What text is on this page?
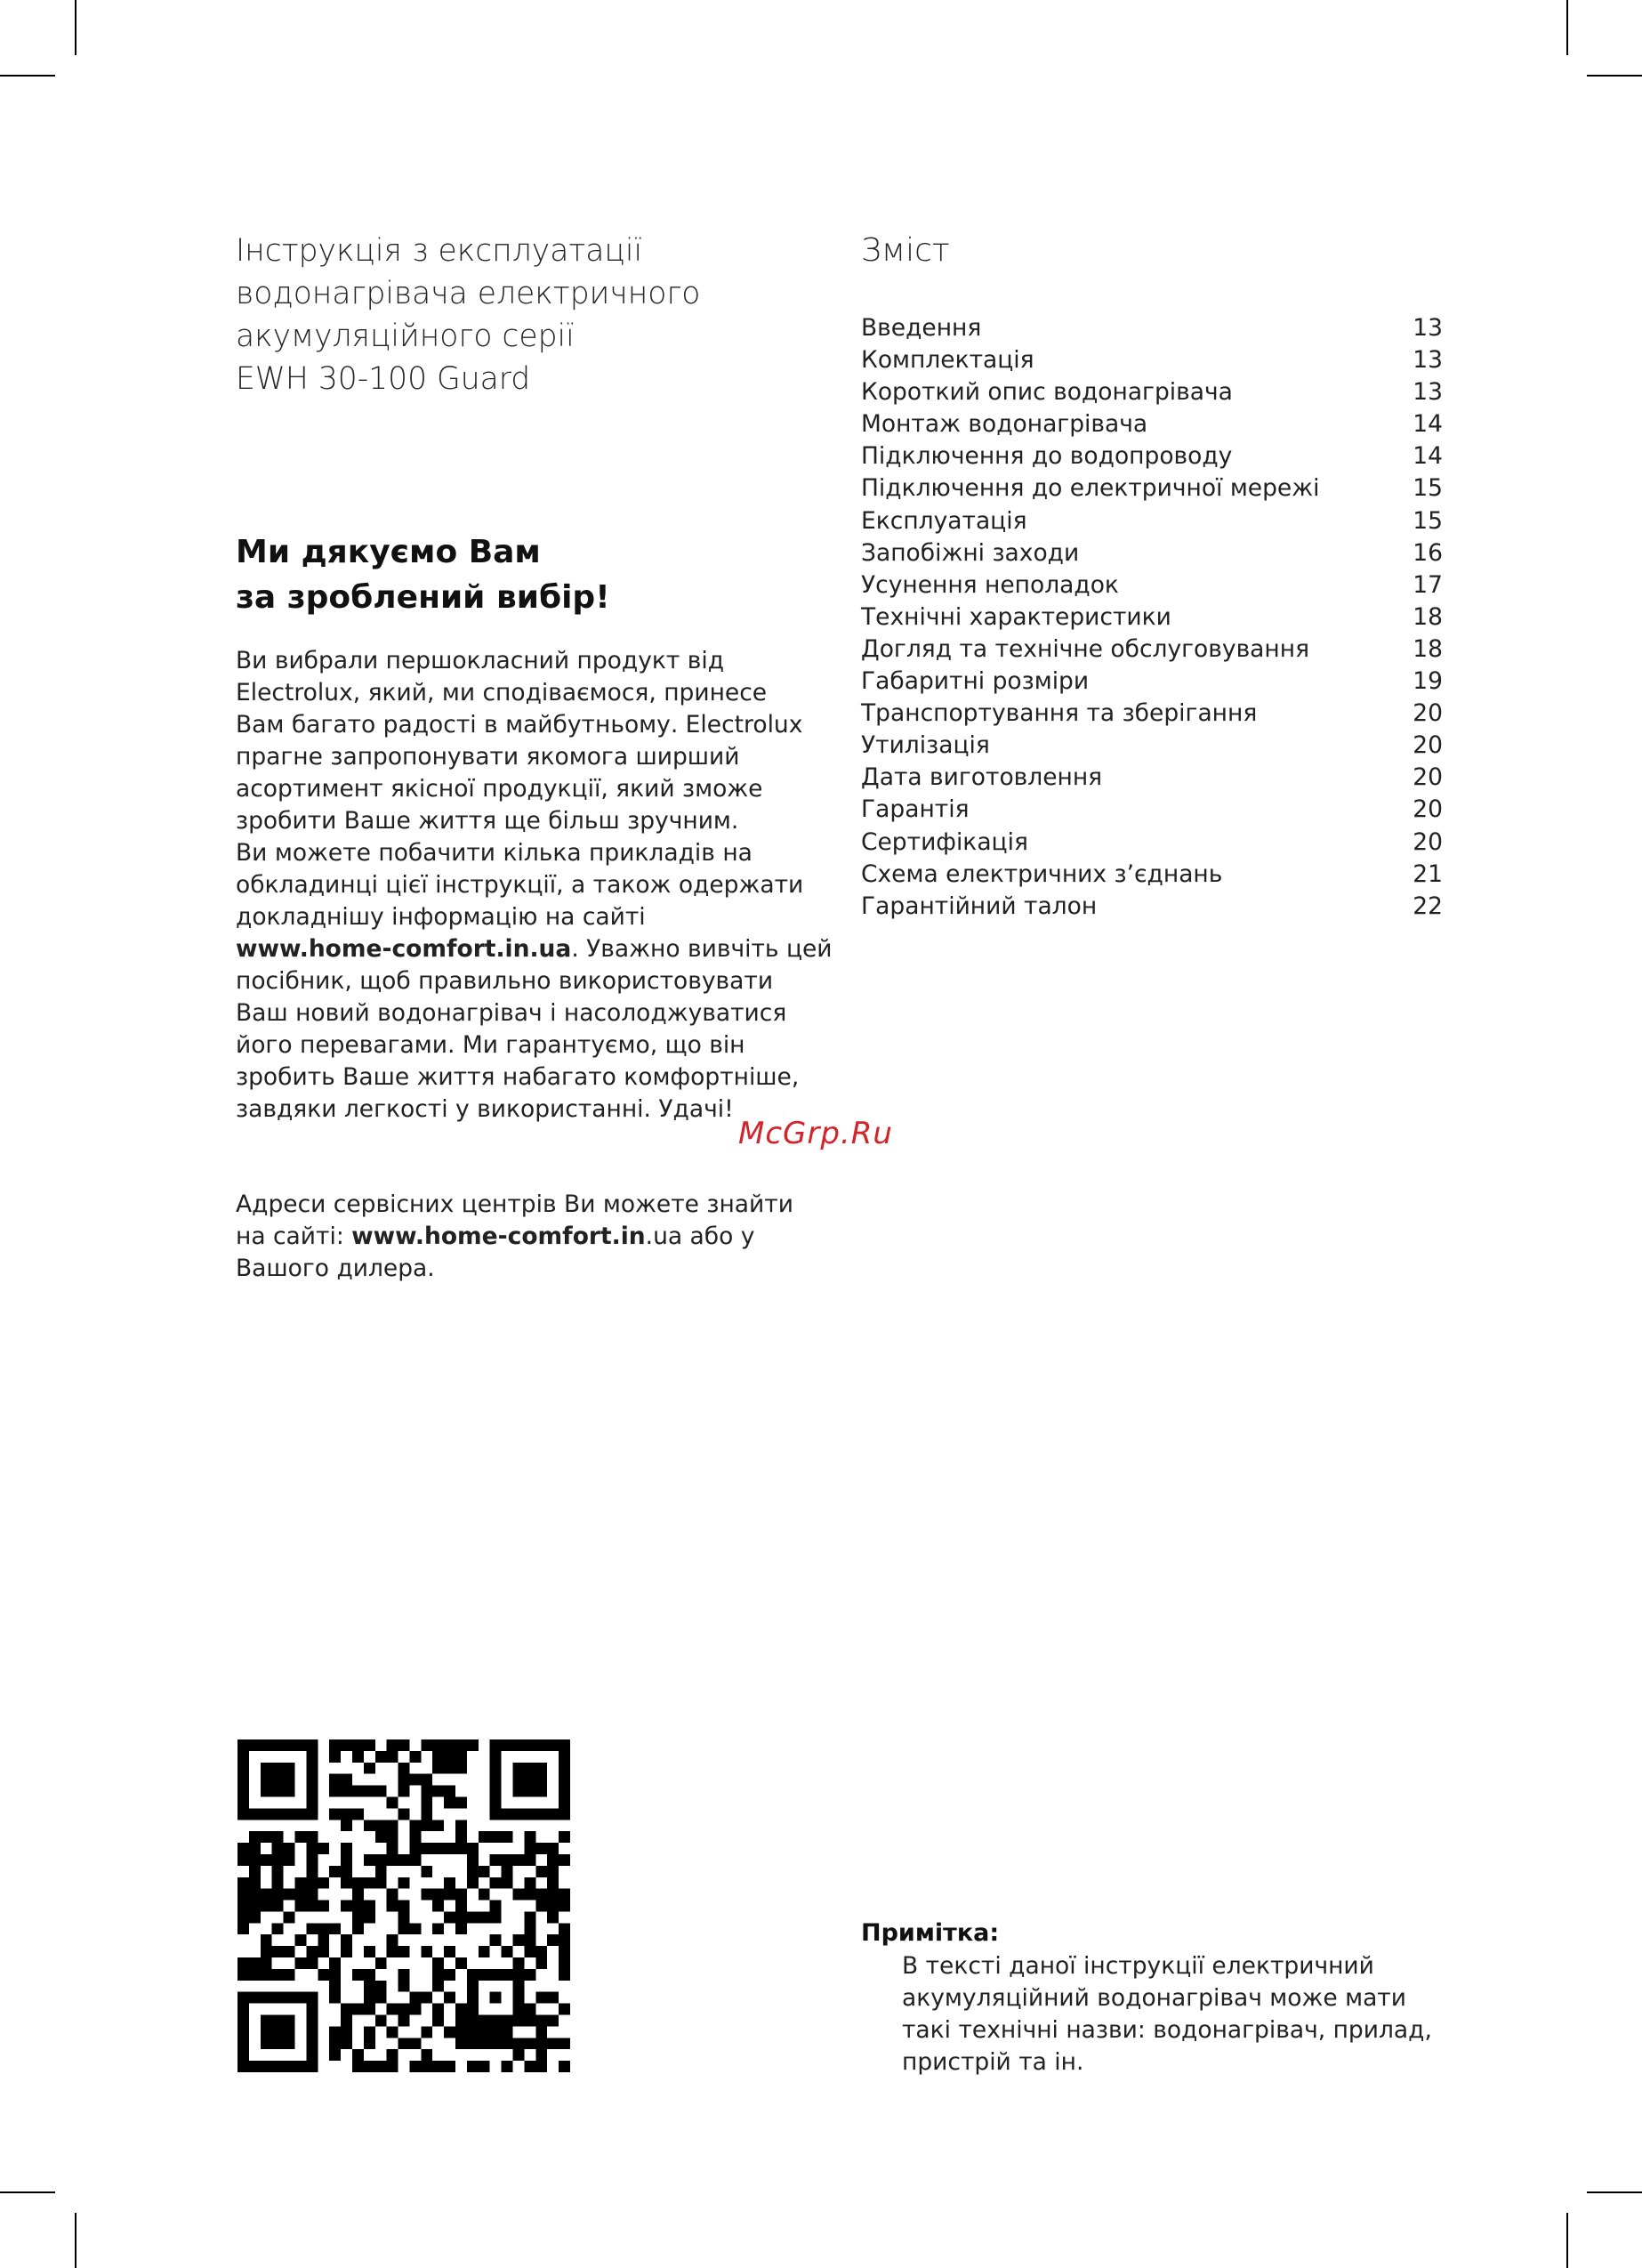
Інструкція з експлуатації
водонагрівача електричного
акумуляційного серії
EWH 30-100 Guard
Ми дякуємо Вам
за зроблений вибір!
Ви вибрали першокласний продукт від
Electrolux, який, ми сподіваємося, принесе
Вам багато радості в майбутньому. Electrolux
прагне запропонувати якомога ширший
асортимент якісної продукції, який зможе
зробити Ваше життя ще більш зручним.
Ви можете побачити кілька прикладів на
обкладинці цієї інструкції, а також одержати
докладнішу інформацію на сайті
www.home-comfort.in.ua. Уважно вивчіть цей
посібник, щоб правильно використовувати
Ваш новий водонагрівач і насолоджуватися
його перевагами. Ми гарантуємо, що він
зробить Ваше життя набагато комфортніше,
завдяки легкості у використанні. Удачі!
McGrp.Ru
Адреси сервісних центрів Ви можете знайти
на сайті: www.home-comfort.in.ua або у
Вашого дилера.
Зміст
Введення	13
Комплектація	13
Короткий опис водонагрівача	13
Монтаж водонагрівача	14
Підключення до водопроводу	14
Підключення до електричної мережі	15
Експлуатація	15
Запобіжні заходи	16
Усунення неполадок	17
Технічні характеристики	18
Догляд та технічне обслуговування	18
Габаритні розміри	19
Транспортування та зберігання	20
Утилізація	20
Дата виготовлення	20
Гарантія	20
Сертифікація	20
Схема електричних з’єднань	21
Гарантійний талон	22
Примітка:
В тексті даної інструкції електричний
акумуляційний водонагрівач може мати
такі технічні назви: водонагрівач, прилад,
пристрій та ін.
